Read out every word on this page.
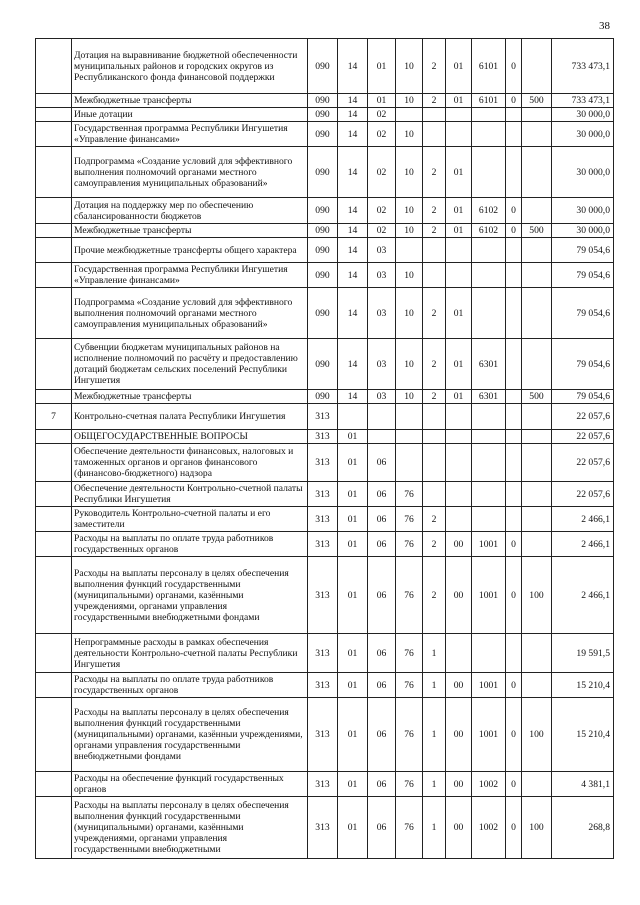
38
	Дотация на выравнивание бюджетной обеспеченности муниципальных районов и городских округов из Республиканского фонда финансовой поддержки	090	14	01	10	2	01	6101	0		733 473,1
	Межбюджетные трансферты	090	14	01	10	2	01	6101	0	500	733 473,1
	Иные дотации	090	14	02							30 000,0
	Государственная программа Республики Ингушетия «Управление финансами»	090	14	02	10						30 000,0
	Подпрограмма «Создание условий для эффективного выполнения полномочий органами местного самоуправления муниципальных образований»	090	14	02	10	2	01				30 000,0
	Дотация на поддержку мер по обеспечению сбалансированности бюджетов	090	14	02	10	2	01	6102	0		30 000,0
	Межбюджетные трансферты	090	14	02	10	2	01	6102	0	500	30 000,0
	Прочие межбюджетные трансферты общего характера	090	14	03							79 054,6
	Государственная программа Республики Ингушетия «Управление финансами»	090	14	03	10						79 054,6
	Подпрограмма «Создание условий для эффективного выполнения полномочий органами местного самоуправления муниципальных образований»	090	14	03	10	2	01				79 054,6
	Субвенции бюджетам муниципальных районов на исполнение полномочий по расчёту и предоставлению дотаций бюджетам сельских поселений Республики Ингушетия	090	14	03	10	2	01	6301			79 054,6
	Межбюджетные трансферты	090	14	03	10	2	01	6301		500	79 054,6
7	Контрольно-счетная палата Республики Ингушетия	313									22 057,6
	ОБЩЕГОСУДАРСТВЕННЫЕ ВОПРОСЫ	313	01								22 057,6
	Обеспечение деятельности финансовых, налоговых и таможенных органов и органов финансового (финансово-бюджетного) надзора	313	01	06							22 057,6
	Обеспечение деятельности Контрольно-счетной палаты Республики Ингушетия	313	01	06	76						22 057,6
	Руководитель Контрольно-счетной палаты и его заместители	313	01	06	76	2					2 466,1
	Расходы на выплаты по оплате труда работников государственных органов	313	01	06	76	2	00	1001	0		2 466,1
	Расходы на выплаты персоналу в целях обеспечения выполнения функций государственными (муниципальными) органами, казёнными учреждениями, органами управления государственными внебюджетными фондами	313	01	06	76	2	00	1001	0	100	2 466,1
	Непрограммные расходы в рамках обеспечения деятельности Контрольно-счетной палаты Республики Ингушетия	313	01	06	76	1					19 591,5
	Расходы на выплаты по оплате труда работников государственных органов	313	01	06	76	1	00	1001	0		15 210,4
	Расходы на выплаты персоналу в целях обеспечения выполнения функций государственными (муниципальными) органами, казённыи учреждениями, органами управления государственными внебюджетными фондами	313	01	06	76	1	00	1001	0	100	15 210,4
	Расходы на обеспечение функций государственных органов	313	01	06	76	1	00	1002	0		4 381,1
	Расходы на выплаты персоналу в целях обеспечения выполнения функций государственными (муниципальными) органами, казёнными учреждениями, органами управления государственными внебюджетными	313	01	06	76	1	00	1002	0	100	268,8
